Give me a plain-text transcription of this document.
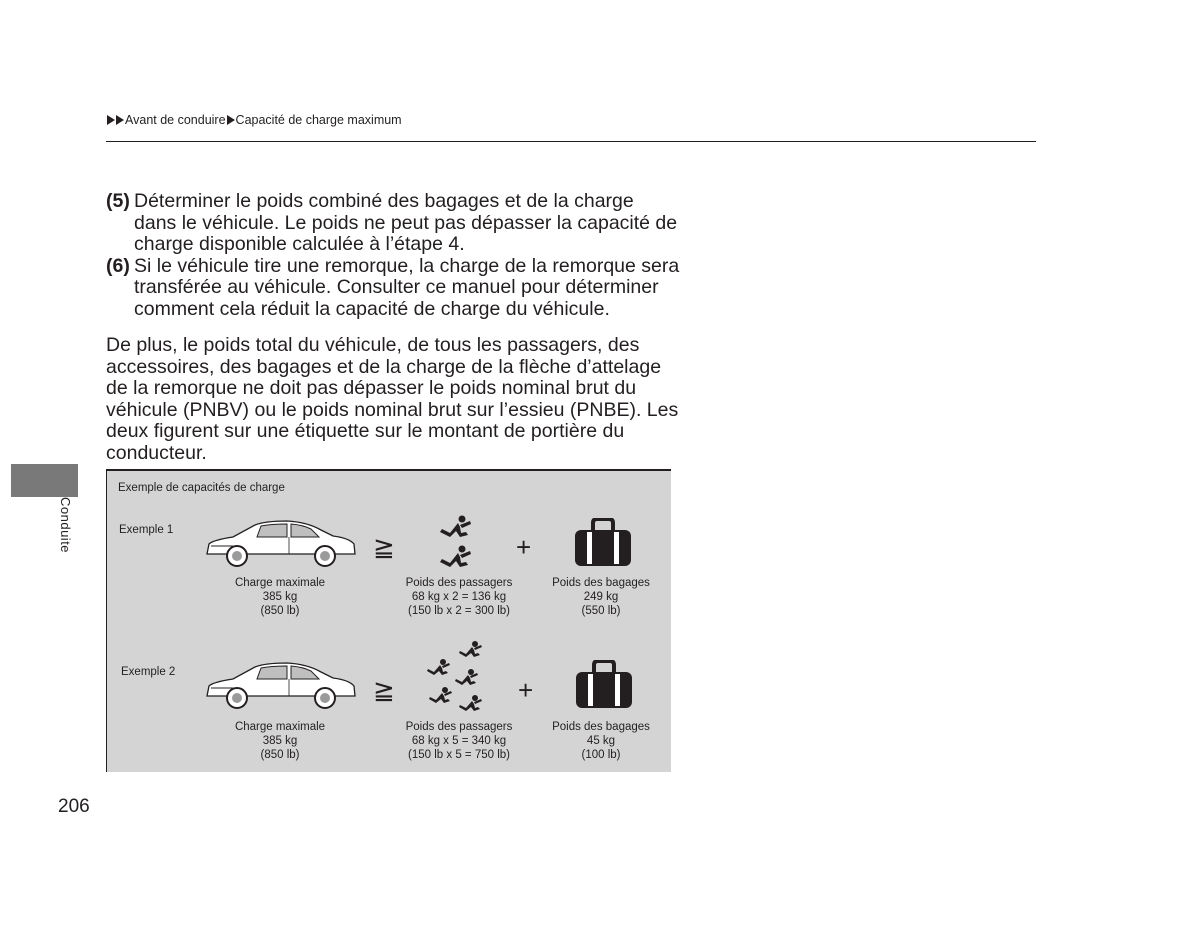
Avant de conduire Capacité de charge maximum
(5) Déterminer le poids combiné des bagages et de la charge dans le véhicule. Le poids ne peut pas dépasser la capacité de charge disponible calculée à l’étape 4.
(6) Si le véhicule tire une remorque, la charge de la remorque sera transférée au véhicule. Consulter ce manuel pour déterminer comment cela réduit la capacité de charge du véhicule.
De plus, le poids total du véhicule, de tous les passagers, des accessoires, des bagages et de la charge de la flèche d’attelage de la remorque ne doit pas dépasser le poids nominal brut du véhicule (PNBV) ou le poids nominal brut sur l’essieu (PNBE). Les deux figurent sur une étiquette sur le montant de portière du conducteur.
Conduite
Exemple de capacités de charge
Exemple 1
≧	+
Charge maximale
385 kg
(850 lb)
Poids des passagers
68 kg x 2 = 136 kg
(150 lb x 2 = 300 lb)
Poids des bagages
249 kg
(550 lb)
Exemple 2
≧	+
Charge maximale
385 kg
(850 lb)
Poids des passagers
68 kg x 5 = 340 kg
(150 lb x 5 = 750 lb)
Poids des bagages
45 kg
(100 lb)
206
